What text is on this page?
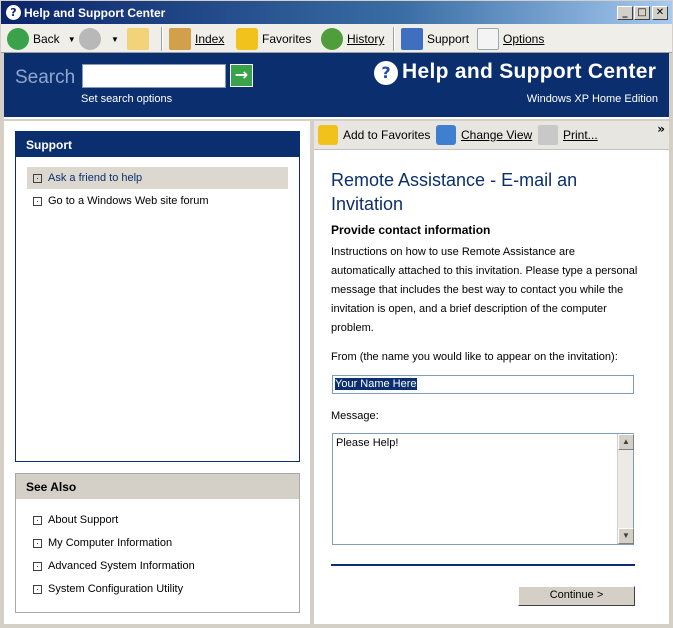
? Help and Support Center	_ □ ✕
Back ▼	▼	Index	Favorites	History	Support	Options
Search	→
Set search options
? Help and Support Center
Windows XP Home Edition
Support
Ask a friend to help
Go to a Windows Web site forum
See Also
About Support
My Computer Information
Advanced System Information
System Configuration Utility
Add to Favorites	Change View	Print...	»
Remote Assistance - E-mail an Invitation
Provide contact information
Instructions on how to use Remote Assistance are automatically attached to this invitation. Please type a personal message that includes the best way to contact you while the invitation is open, and a brief description of the computer problem.
From (the name you would like to appear on the invitation):
Your Name Here
Message:
Please Help!	▲
▼
Continue >
